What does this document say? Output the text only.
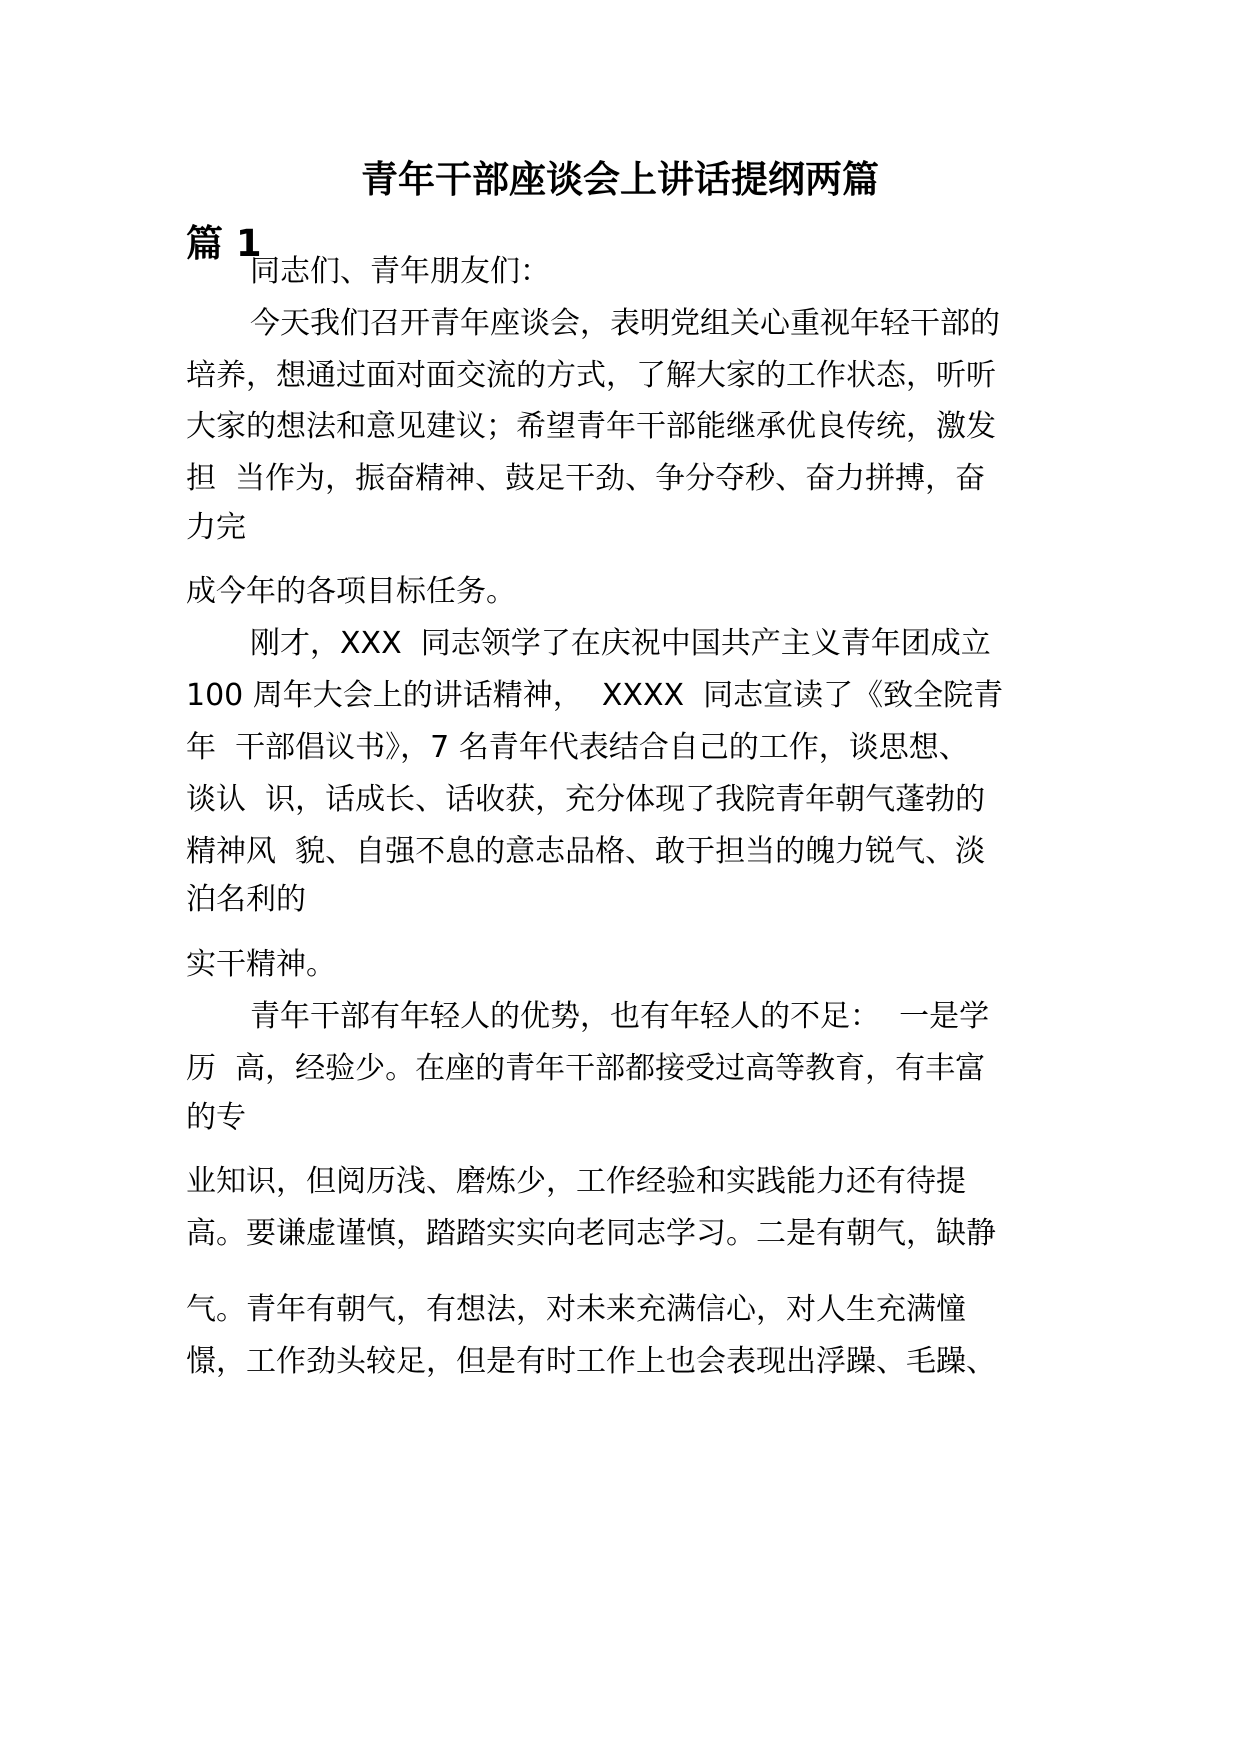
青年干部座谈会上讲话提纲两篇
篇 1
同志们、青年朋友们：
今天我们召开青年座谈会，表明党组关心重视年轻干部的
培养，想通过面对面交流的方式，了解大家的工作状态，听听
大家的想法和意见建议；希望青年干部能继承优良传统，激发
担  当作为，振奋精神、鼓足干劲、争分夺秒、奋力拼搏，奋
力完
成今年的各项目标任务。
刚才，XXX  同志领学了在庆祝中国共产主义青年团成立
100 周年大会上的讲话精神，  XXXX  同志宣读了《致全院青
年  干部倡议书》，7 名青年代表结合自己的工作，谈思想、
谈认  识，话成长、话收获，充分体现了我院青年朝气蓬勃的
精神风  貌、自强不息的意志品格、敢于担当的魄力锐气、淡
泊名利的
实干精神。
青年干部有年轻人的优势，也有年轻人的不足：  一是学
历  高，经验少。在座的青年干部都接受过高等教育，有丰富
的专
业知识，但阅历浅、磨炼少，工作经验和实践能力还有待提
高。要谦虚谨慎，踏踏实实向老同志学习。二是有朝气，缺静
气。青年有朝气，有想法，对未来充满信心，对人生充满憧
憬，工作劲头较足，但是有时工作上也会表现出浮躁、毛躁、
